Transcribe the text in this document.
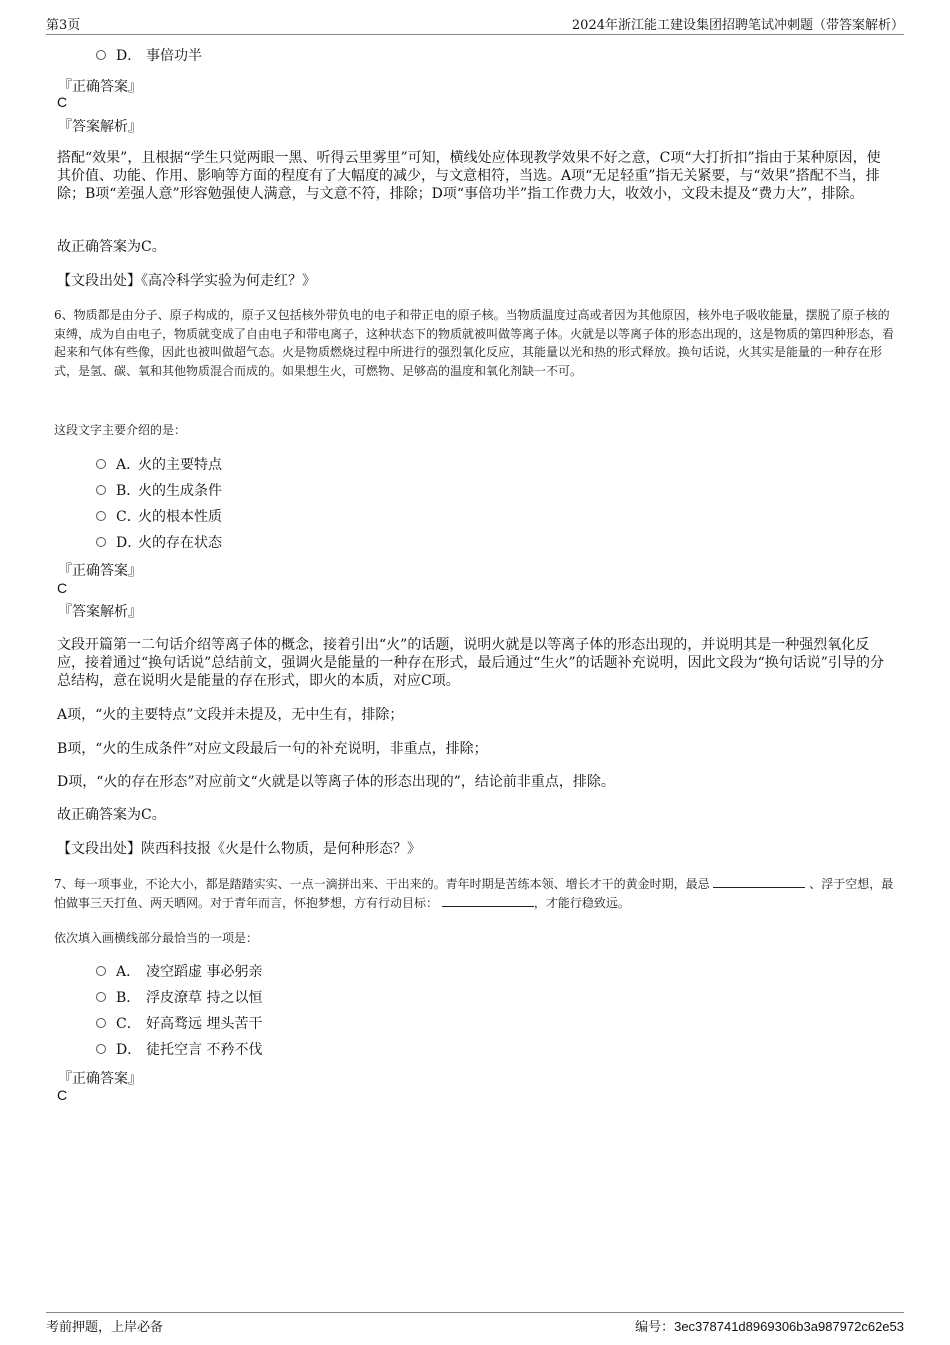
第3页	2024年浙江能工建设集团招聘笔试冲刺题（带答案解析）
D． 事倍功半
『正确答案』
C
『答案解析』
搭配“效果”，且根据“学生只觉两眼一黑、听得云里雾里”可知，横线处应体现教学效果不好之意，C项“大打折扣”指由于某种原因，使其价值、功能、作用、影响等方面的程度有了大幅度的减少，与文意相符，当选。A项“无足轻重”指无关紧要，与“效果”搭配不当，排除；B项“差强人意”形容勉强使人满意，与文意不符，排除；D项“事倍功半”指工作费力大，收效小，文段未提及“费力大”，排除。
故正确答案为C。
【文段出处】《高冷科学实验为何走红？》
6、物质都是由分子、原子构成的，原子又包括核外带负电的电子和带正电的原子核。当物质温度过高或者因为其他原因，核外电子吸收能量，摆脱了原子核的束缚，成为自由电子，物质就变成了自由电子和带电离子，这种状态下的物质就被叫做等离子体。火就是以等离子体的形态出现的，这是物质的第四种形态，看起来和气体有些像，因此也被叫做超气态。火是物质燃烧过程中所进行的强烈氧化反应，其能量以光和热的形式释放。换句话说，火其实是能量的一种存在形式，是氢、碳、氧和其他物质混合而成的。如果想生火，可燃物、足够高的温度和氧化剂缺一不可。
这段文字主要介绍的是：
A．火的主要特点
B．火的生成条件
C．火的根本性质
D．火的存在状态
『正确答案』
C
『答案解析』
文段开篇第一二句话介绍等离子体的概念，接着引出“火”的话题，说明火就是以等离子体的形态出现的，并说明其是一种强烈氧化反应，接着通过“换句话说”总结前文，强调火是能量的一种存在形式，最后通过“生火”的话题补充说明，因此文段为“换句话说”引导的分总结构，意在说明火是能量的存在形式，即火的本质，对应C项。
A项，“火的主要特点”文段并未提及，无中生有，排除；
B项，“火的生成条件”对应文段最后一句的补充说明，非重点，排除；
D项，“火的存在形态”对应前文“火就是以等离子体的形态出现的”，结论前非重点，排除。
故正确答案为C。
【文段出处】陕西科技报《火是什么物质，是何种形态？》
7、每一项事业，不论大小，都是踏踏实实、一点一滴拼出来、干出来的。青年时期是苦练本领、增长才干的黄金时期，最忌	、浮于空想，最怕做事三天打鱼、两天晒网。对于青年而言，怀抱梦想，方有行动目标：	，才能行稳致远。
依次填入画横线部分最恰当的一项是：
A． 凌空蹈虚 事必躬亲
B． 浮皮潦草 持之以恒
C． 好高骛远 埋头苦干
D． 徒托空言 不矜不伐
『正确答案』
C
考前押题，上岸必备	编号：3ec378741d8969306b3a987972c62e53
